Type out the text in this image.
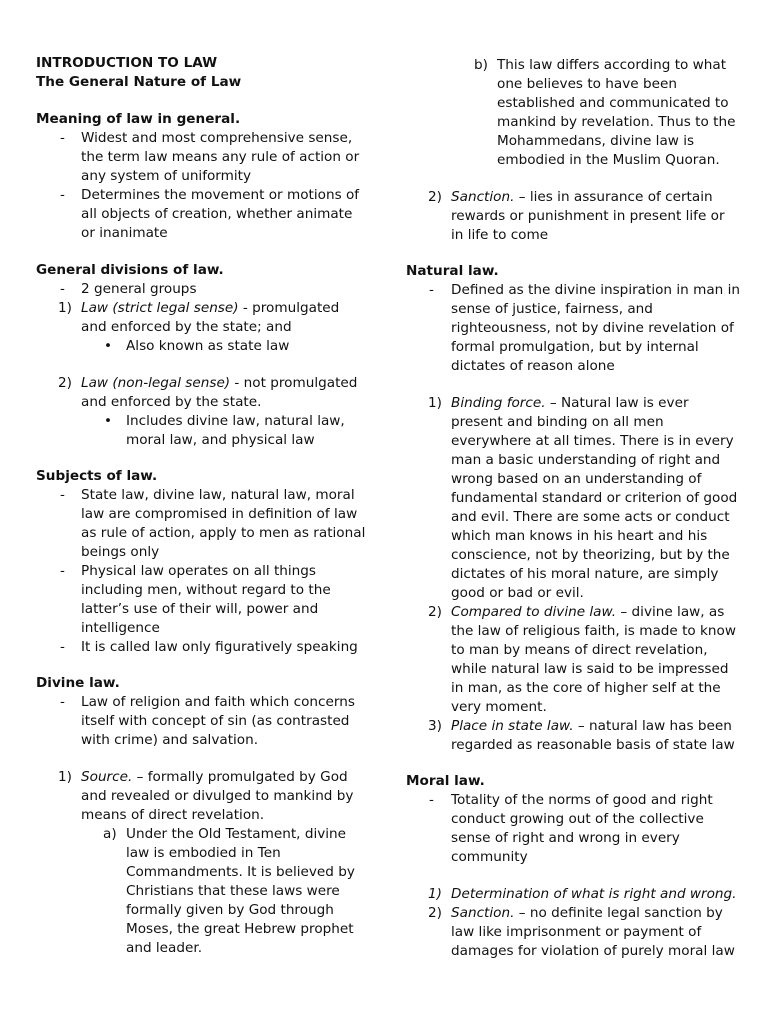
INTRODUCTION TO LAW
The General Nature of Law
Meaning of law in general.
- Widest and most comprehensive sense,
the term law means any rule of action or
any system of uniformity
- Determines the movement or motions of
all objects of creation, whether animate
or inanimate
General divisions of law.
- 2 general groups
1) Law (strict legal sense) - promulgated
and enforced by the state; and
• Also known as state law
2) Law (non-legal sense) - not promulgated
and enforced by the state.
• Includes divine law, natural law,
moral law, and physical law
Subjects of law.
- State law, divine law, natural law, moral
law are compromised in definition of law
as rule of action, apply to men as rational
beings only
- Physical law operates on all things
including men, without regard to the
latter’s use of their will, power and
intelligence
- It is called law only figuratively speaking
Divine law.
- Law of religion and faith which concerns
itself with concept of sin (as contrasted
with crime) and salvation.
1) Source. – formally promulgated by God
and revealed or divulged to mankind by
means of direct revelation.
a) Under the Old Testament, divine
law is embodied in Ten
Commandments. It is believed by
Christians that these laws were
formally given by God through
Moses, the great Hebrew prophet
and leader.
b) This law differs according to what
one believes to have been
established and communicated to
mankind by revelation. Thus to the
Mohammedans, divine law is
embodied in the Muslim Quoran.
2) Sanction. – lies in assurance of certain
rewards or punishment in present life or
in life to come
Natural law.
- Defined as the divine inspiration in man in
sense of justice, fairness, and
righteousness, not by divine revelation of
formal promulgation, but by internal
dictates of reason alone
1) Binding force. – Natural law is ever
present and binding on all men
everywhere at all times. There is in every
man a basic understanding of right and
wrong based on an understanding of
fundamental standard or criterion of good
and evil. There are some acts or conduct
which man knows in his heart and his
conscience, not by theorizing, but by the
dictates of his moral nature, are simply
good or bad or evil.
2) Compared to divine law. – divine law, as
the law of religious faith, is made to know
to man by means of direct revelation,
while natural law is said to be impressed
in man, as the core of higher self at the
very moment.
3) Place in state law. – natural law has been
regarded as reasonable basis of state law
Moral law.
- Totality of the norms of good and right
conduct growing out of the collective
sense of right and wrong in every
community
1) Determination of what is right and wrong.
2) Sanction. – no definite legal sanction by
law like imprisonment or payment of
damages for violation of purely moral law
